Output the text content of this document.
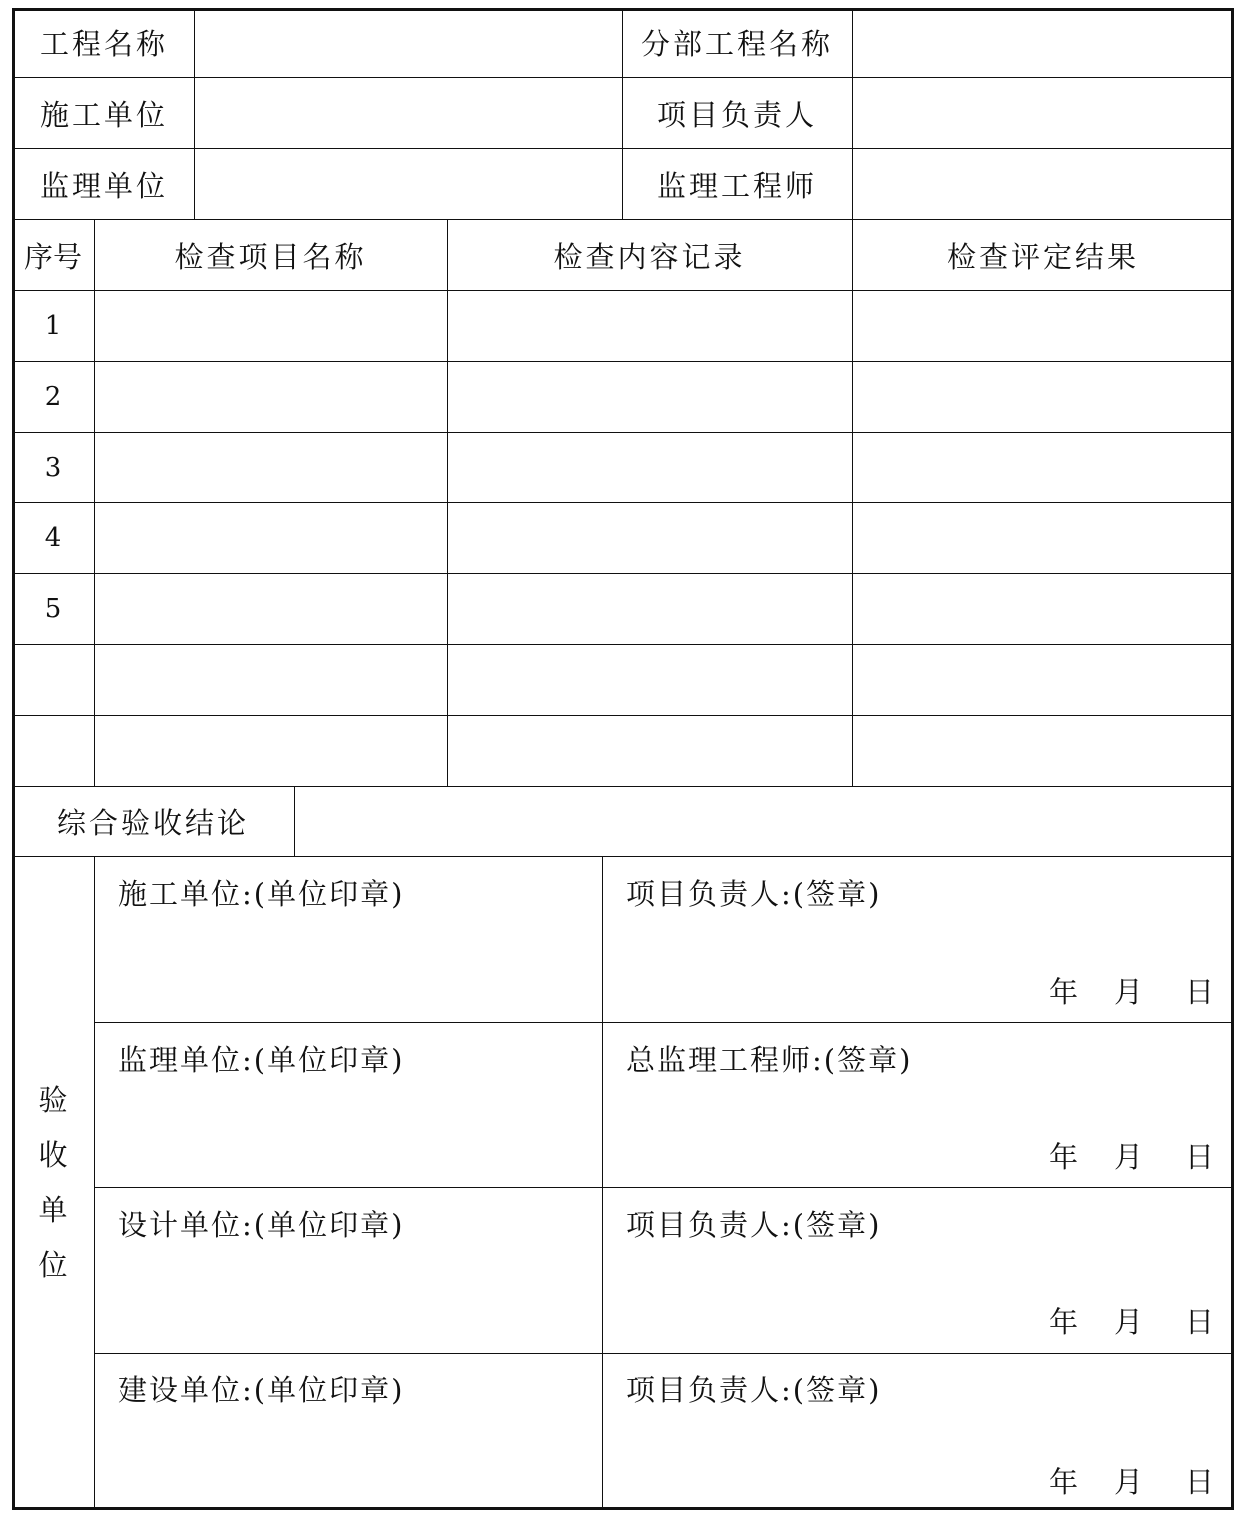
工程名称	分部工程名称
施工单位	项目负责人
监理单位	监理工程师
序号	检查项目名称	检查内容记录	检查评定结果
1
2
3
4
5
综合验收结论
验
收
单
位
施工单位:(单位印章)	项目负责人:(签章)
年 月 日
监理单位:(单位印章)	总监理工程师:(签章)
年 月 日
设计单位:(单位印章)	项目负责人:(签章)
年 月 日
建设单位:(单位印章)	项目负责人:(签章)
年 月 日
